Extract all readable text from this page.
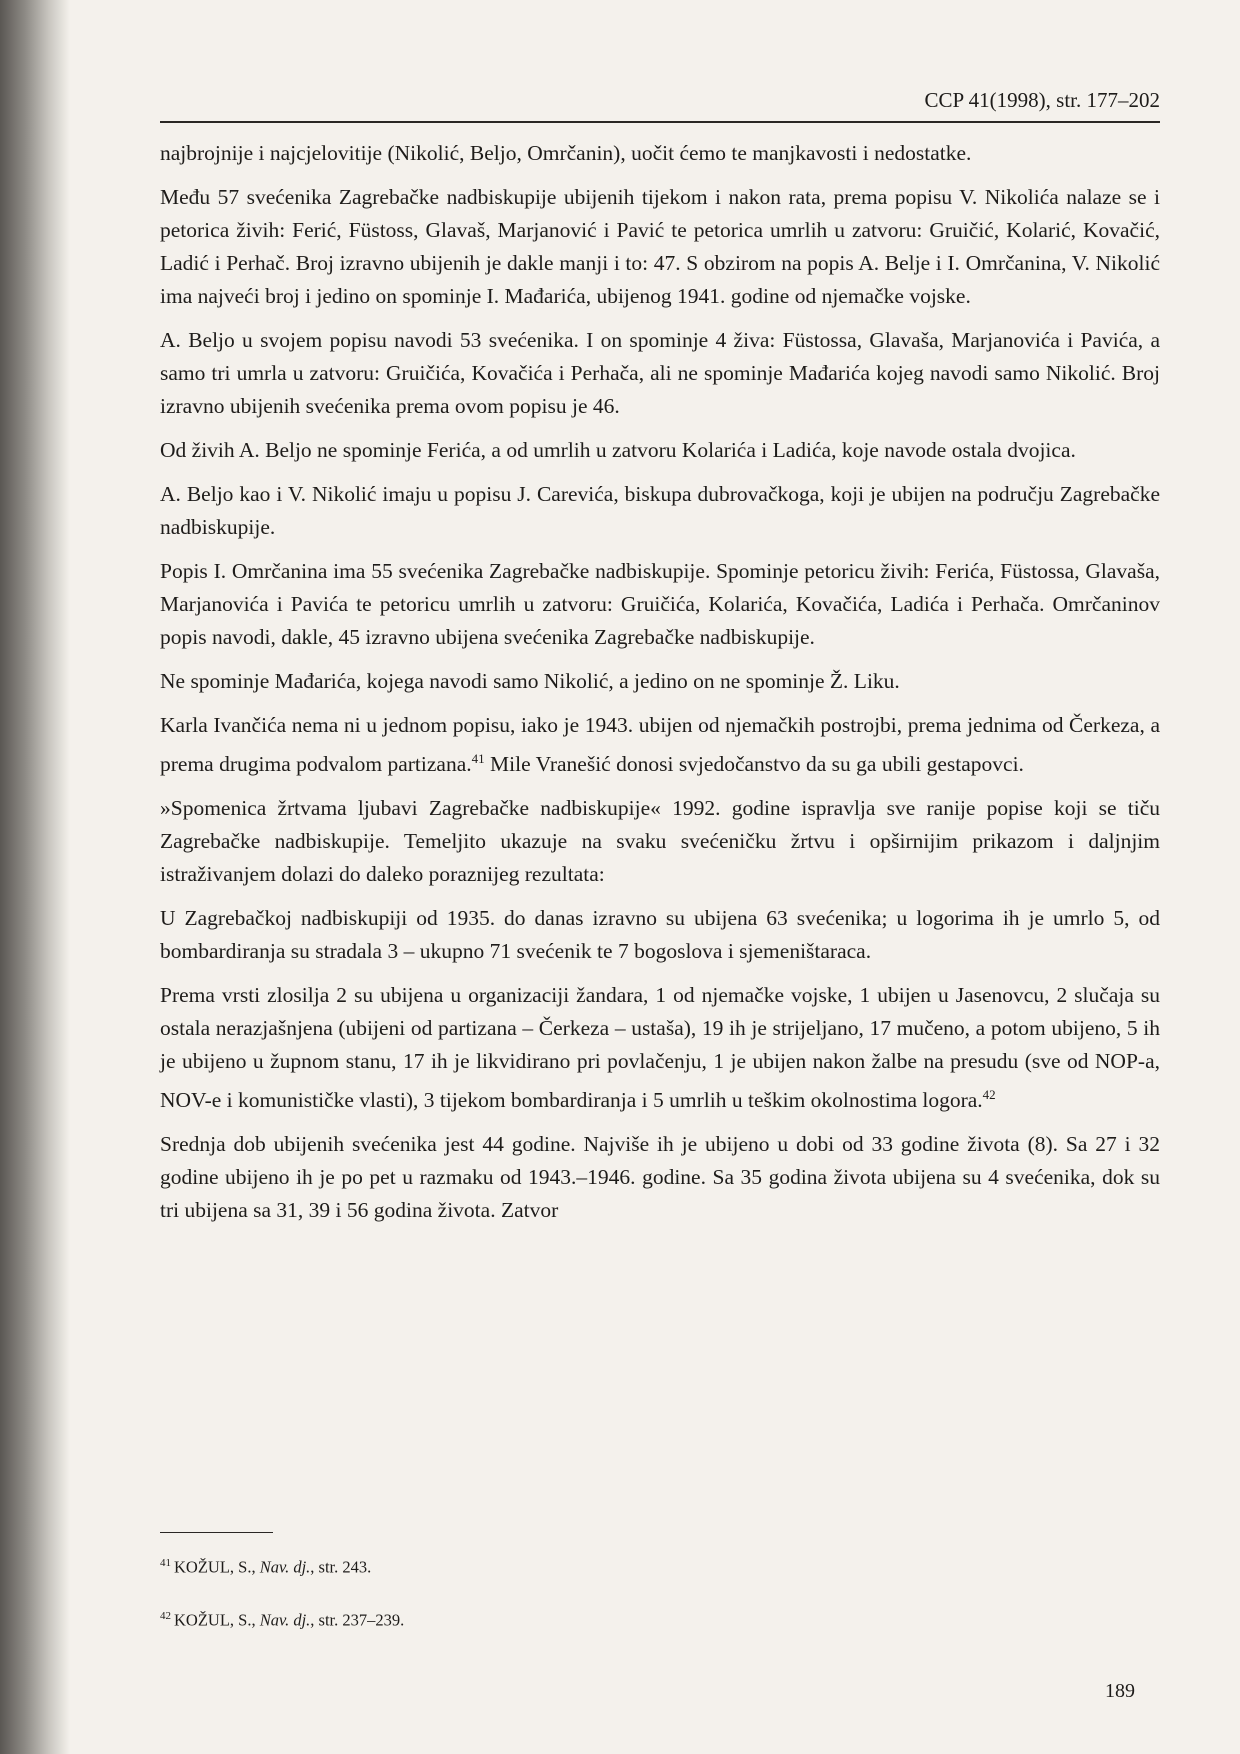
CCP 41(1998), str. 177–202

najbrojnije i najcjelovitije (Nikolić, Beljo, Omrčanin), uočit ćemo te manjkavosti i nedostatke.

Među 57 svećenika Zagrebačke nadbiskupije ubijenih tijekom i nakon rata, prema popisu V. Nikolića nalaze se i petorica živih: Ferić, Füstoss, Glavaš, Marjanović i Pavić te petorica umrlih u zatvoru: Gruičić, Kolarić, Kovačić, Ladić i Perhač. Broj izravno ubijenih je dakle manji i to: 47. S obzirom na popis A. Belje i I. Omrčanina, V. Nikolić ima najveći broj i jedino on spominje I. Mađarića, ubijenog 1941. godine od njemačke vojske.

A. Beljo u svojem popisu navodi 53 svećenika. I on spominje 4 živa: Füstossa, Glavaša, Marjanovića i Pavića, a samo tri umrla u zatvoru: Gruičića, Kovačića i Perhača, ali ne spominje Mađarića kojeg navodi samo Nikolić. Broj izravno ubijenih svećenika prema ovom popisu je 46.

Od živih A. Beljo ne spominje Ferića, a od umrlih u zatvoru Kolarića i Ladića, koje navode ostala dvojica.

A. Beljo kao i V. Nikolić imaju u popisu J. Carevića, biskupa dubrovačkoga, koji je ubijen na području Zagrebačke nadbiskupije.

Popis I. Omrčanina ima 55 svećenika Zagrebačke nadbiskupije. Spominje petoricu živih: Ferića, Füstossa, Glavaša, Marjanovića i Pavića te petoricu umrlih u zatvoru: Gruičića, Kolarića, Kovačića, Ladića i Perhača. Omrčaninov popis navodi, dakle, 45 izravno ubijena svećenika Zagrebačke nadbiskupije.

Ne spominje Mađarića, kojega navodi samo Nikolić, a jedino on ne spominje Ž. Liku.

Karla Ivančića nema ni u jednom popisu, iako je 1943. ubijen od njemačkih postrojbi, prema jednima od Čerkeza, a prema drugima podvalom partizana.$^{41}$ Mile Vranešić donosi svjedočanstvo da su ga ubili gestapovci.

»Spomenica žrtvama ljubavi Zagrebačke nadbiskupije« 1992. godine ispravlja sve ranije popise koji se tiču Zagrebačke nadbiskupije. Temeljito ukazuje na svaku svećeničku žrtvu i opširnijim prikazom i daljnjim istraživanjem dolazi do daleko poraznijeg rezultata:

U Zagrebačkoj nadbiskupiji od 1935. do danas izravno su ubijena 63 svećenika; u logorima ih je umrlo 5, od bombardiranja su stradala 3 – ukupno 71 svećenik te 7 bogoslova i sjemeništaraca.

Prema vrsti zlosilja 2 su ubijena u organizaciji žandara, 1 od njemačke vojske, 1 ubijen u Jasenovcu, 2 slučaja su ostala nerazjašnjena (ubijeni od partizana – Čerkeza – ustaša), 19 ih je strijeljano, 17 mučeno, a potom ubijeno, 5 ih je ubijeno u župnom stanu, 17 ih je likvidirano pri povlačenju, 1 je ubijen nakon žalbe na presudu (sve od NOP-a, NOV-e i komunističke vlasti), 3 tijekom bombardiranja i 5 umrlih u teškim okolnostima logora.$^{42}$

Srednja dob ubijenih svećenika jest 44 godine. Najviše ih je ubijeno u dobi od 33 godine života (8). Sa 27 i 32 godine ubijeno ih je po pet u razmaku od 1943.–1946. godine. Sa 35 godina života ubijena su 4 svećenika, dok su tri ubijena sa 31, 39 i 56 godina života. Zatvor

$^{41}$ KOŽUL, S., Nav. dj., str. 243.
$^{42}$ KOŽUL, S., Nav. dj., str. 237–239.
189
